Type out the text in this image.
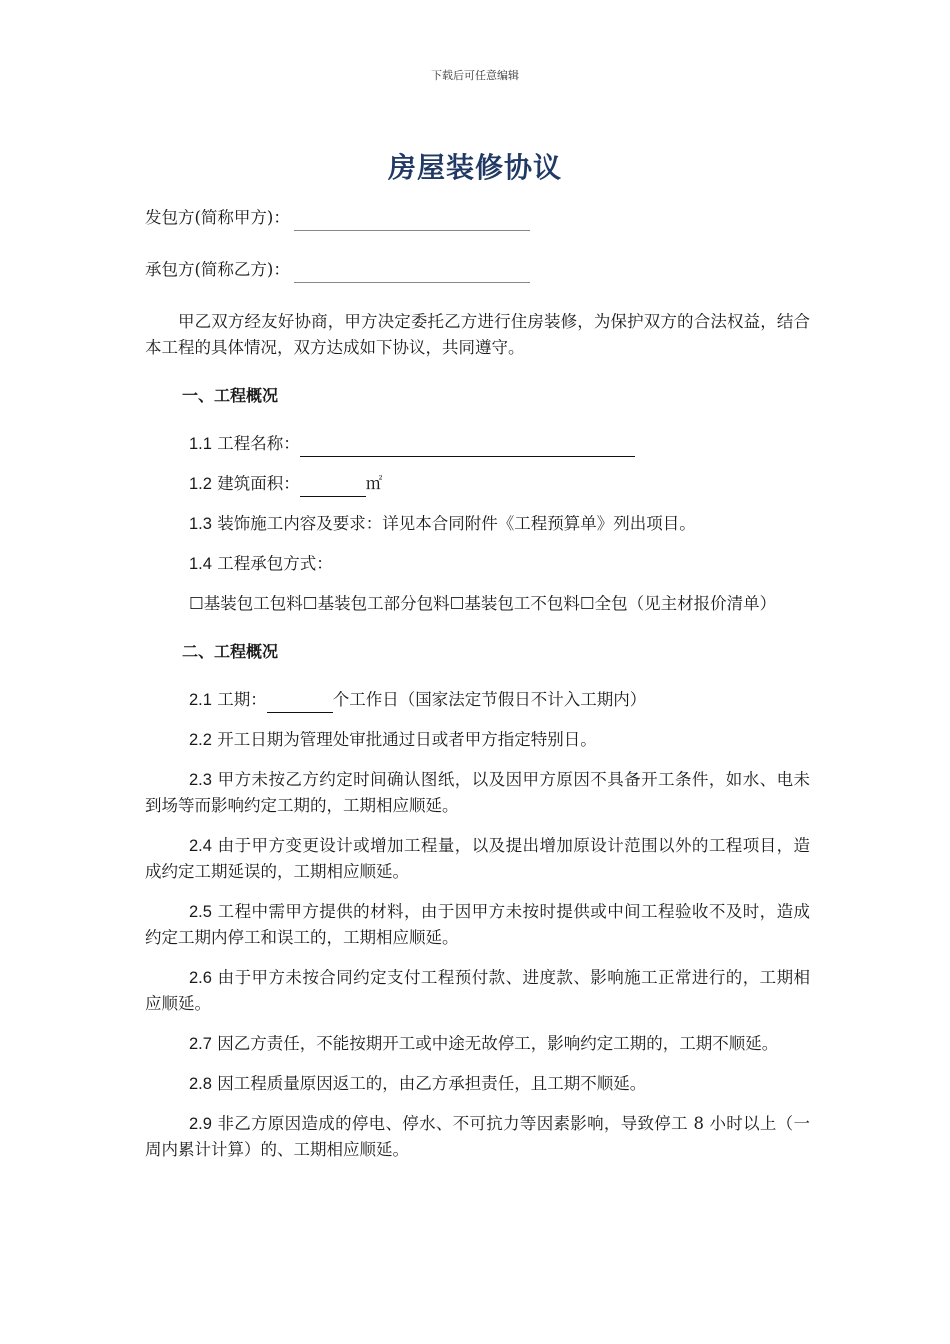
下载后可任意编辑
房屋装修协议
发包方(简称甲方)：
承包方(简称乙方)：

甲乙双方经友好协商，甲方决定委托乙方进行住房装修，为保护双方的合法权益，结合本工程的具体情况，双方达成如下协议，共同遵守。

一、工程概况

1.1 工程名称：

1.2 建筑面积：	㎡

1.3 装饰施工内容及要求：详见本合同附件《工程预算单》列出项目。

1.4 工程承包方式：

☐基装包工包料☐基装包工部分包料☐基装包工不包料☐全包（见主材报价清单）

二、工程概况

2.1 工期：	个工作日（国家法定节假日不计入工期内）

2.2 开工日期为管理处审批通过日或者甲方指定特别日。

2.3 甲方未按乙方约定时间确认图纸，以及因甲方原因不具备开工条件，如水、电未到场等而影响约定工期的，工期相应顺延。

2.4 由于甲方变更设计或增加工程量，以及提出增加原设计范围以外的工程项目，造成约定工期延误的，工期相应顺延。

2.5 工程中需甲方提供的材料，由于因甲方未按时提供或中间工程验收不及时，造成约定工期内停工和误工的，工期相应顺延。

2.6 由于甲方未按合同约定支付工程预付款、进度款、影响施工正常进行的，工期相应顺延。

2.7 因乙方责任，不能按期开工或中途无故停工，影响约定工期的，工期不顺延。

2.8 因工程质量原因返工的，由乙方承担责任，且工期不顺延。

2.9 非乙方原因造成的停电、停水、不可抗力等因素影响，导致停工 8 小时以上（一周内累计计算）的、工期相应顺延。
